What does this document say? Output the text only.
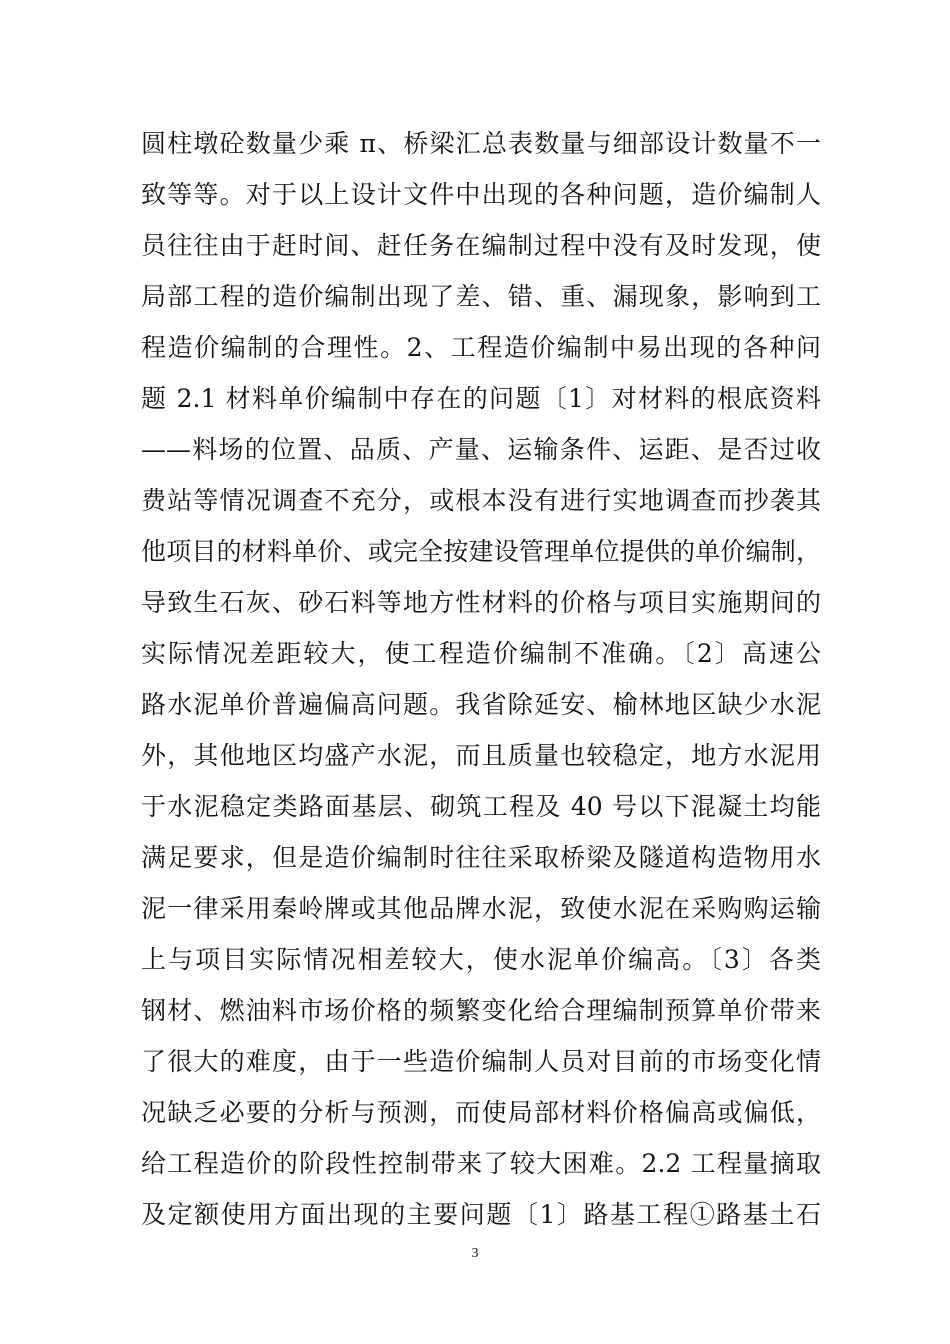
圆柱墩砼数量少乘 π、桥梁汇总表数量与细部设计数量不一
致等等。对于以上设计文件中出现的各种问题，造价编制人
员往往由于赶时间、赶任务在编制过程中没有及时发现，使
局部工程的造价编制出现了差、错、重、漏现象，影响到工
程造价编制的合理性。2、工程造价编制中易出现的各种问
题 2.1 材料单价编制中存在的问题〔1〕对材料的根底资料
——料场的位置、品质、产量、运输条件、运距、是否过收
费站等情况调查不充分，或根本没有进行实地调查而抄袭其
他项目的材料单价、或完全按建设管理单位提供的单价编制，
导致生石灰、砂石料等地方性材料的价格与项目实施期间的
实际情况差距较大，使工程造价编制不准确。〔2〕高速公
路水泥单价普遍偏高问题。我省除延安、榆林地区缺少水泥
外，其他地区均盛产水泥，而且质量也较稳定，地方水泥用
于水泥稳定类路面基层、砌筑工程及 40 号以下混凝土均能
满足要求，但是造价编制时往往采取桥梁及隧道构造物用水
泥一律采用秦岭牌或其他品牌水泥，致使水泥在采购购运输
上与项目实际情况相差较大，使水泥单价编高。〔3〕各类
钢材、燃油料市场价格的频繁变化给合理编制预算单价带来
了很大的难度，由于一些造价编制人员对目前的市场变化情
况缺乏必要的分析与预测，而使局部材料价格偏高或偏低，
给工程造价的阶段性控制带来了较大困难。2.2 工程量摘取
及定额使用方面出现的主要问题〔1〕路基工程①路基土石
3
